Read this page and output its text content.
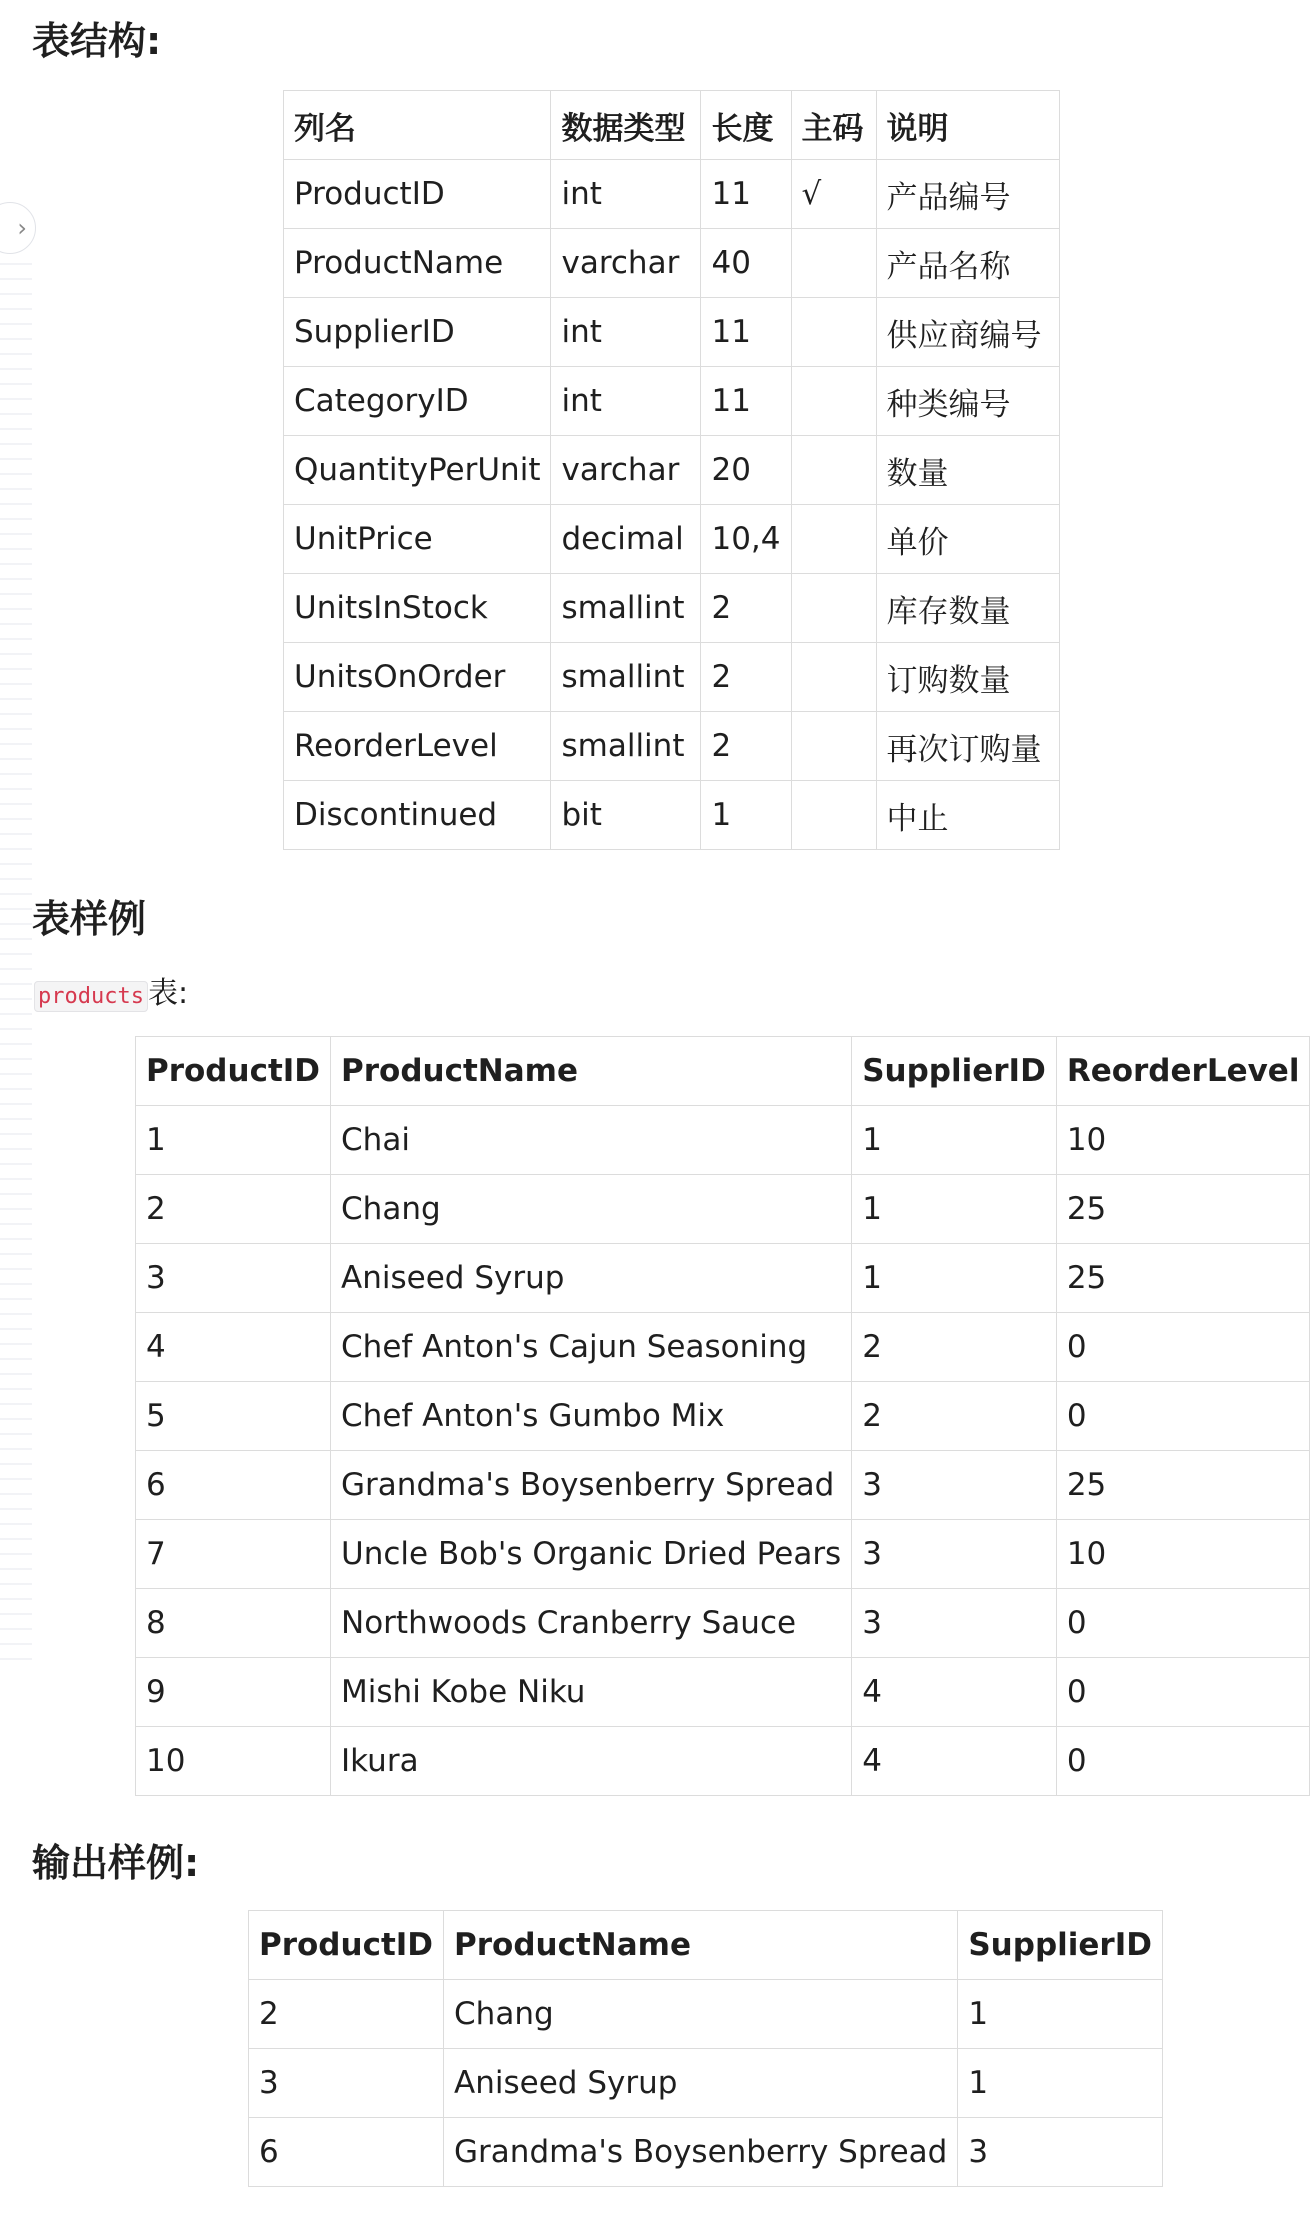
›
表结构:
列名	数据类型	长度	主码	说明
ProductID	int	11	√	产品编号
ProductName	varchar	40		产品名称
SupplierID	int	11		供应商编号
CategoryID	int	11		种类编号
QuantityPerUnit	varchar	20		数量
UnitPrice	decimal	10,4		单价
UnitsInStock	smallint	2		库存数量
UnitsOnOrder	smallint	2		订购数量
ReorderLevel	smallint	2		再次订购量
Discontinued	bit	1		中止
表样例
products 表:
ProductID	ProductName	SupplierID	ReorderLevel
1	Chai	1	10
2	Chang	1	25
3	Aniseed Syrup	1	25
4	Chef Anton's Cajun Seasoning	2	0
5	Chef Anton's Gumbo Mix	2	0
6	Grandma's Boysenberry Spread	3	25
7	Uncle Bob's Organic Dried Pears	3	10
8	Northwoods Cranberry Sauce	3	0
9	Mishi Kobe Niku	4	0
10	Ikura	4	0
输出样例:
ProductID	ProductName	SupplierID
2	Chang	1
3	Aniseed Syrup	1
6	Grandma's Boysenberry Spread	3
